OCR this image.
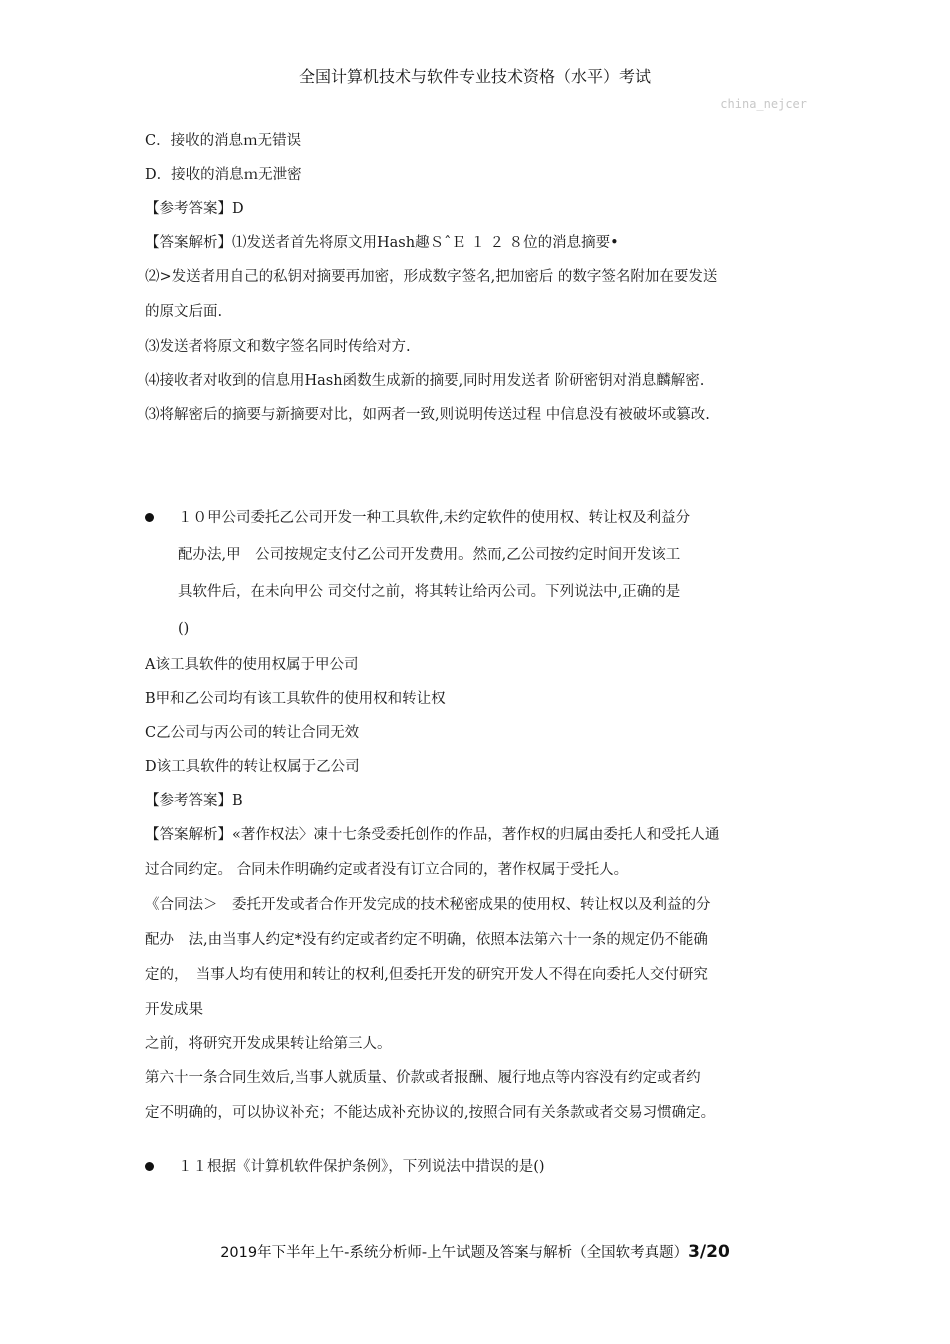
全国计算机技术与软件专业技术资格（水平）考试
china_nejcer
C．接收的消息ｍ无错误
D．接收的消息ｍ无泄密
【参考答案】D
【答案解析】⑴发送者首先将原文用Hash趣ＳˆＥ １ ２ ８位的消息摘要•
⑵>发送者用自己的私钥对摘要再加密，形成数字签名,把加密后 的数字签名附加在要发送
的原文后面.
⑶发送者将原文和数字签名同时传给对方.
⑷接收者对收到的信息用Hash函数生成新的摘要,同时用发送者 阶研密钥对消息麟解密.
⑶将解密后的摘要与新摘要对比，如两者一致,则说明传送过程 中信息没有被破坏或篡改.
１０甲公司委托乙公司开发一种工具软件,未约定软件的使用权、转让权及利益分
配办法,甲　公司按规定支付乙公司开发费用。然而,乙公司按约定时间开发该工
具软件后，在未向甲公 司交付之前，将其转让给丙公司。下列说法中,正确的是
()
A该工具软件的使用权属于甲公司
B甲和乙公司均有该工具软件的使用权和转让权
C乙公司与丙公司的转让合同无效
D该工具软件的转让权属于乙公司
【参考答案】B
【答案解析】«著作权法〉凍十七条受委托创作的作品，著作权的归属由委托人和受托人通
过合同约定。 合同未作明确约定或者没有订立合同的，著作权属于受托人。
《合同法＞　委托开发或者合作开发完成的技术秘密成果的使用权、转让权以及利益的分
配办　法,由当事人约定*没有约定或者约定不明确，依照本法第六十一条的规定仍不能确
定的，　当事人均有使用和转让的权利,但委托开发的研究开发人不得在向委托人交付研究
开发成果
之前，将研究开发成果转让给第三人。
第六十一条合同生效后,当事人就质量、价款或者报酬、履行地点等内容没有约定或者约
定不明确的，可以协议补充；不能达成补充协议的,按照合同有关条款或者交易习惯确定。
１１根据《计算机软件保护条例》，下列说法中措误的是()
2019年下半年上午-系统分析师-上午试题及答案与解析（全国软考真题）3/20
